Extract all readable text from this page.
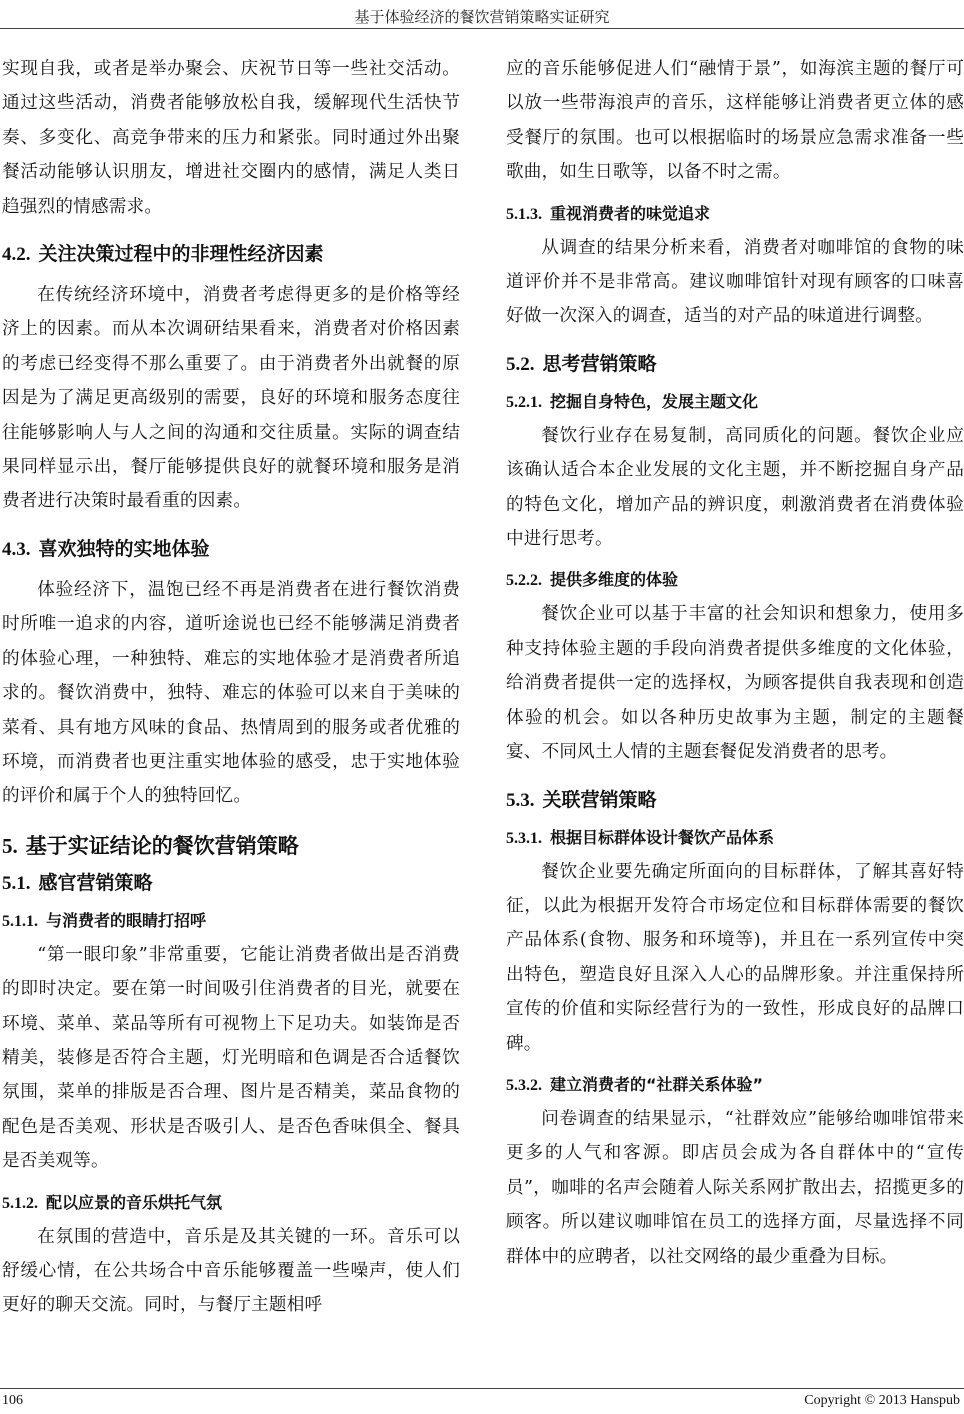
基于体验经济的餐饮营销策略实证研究

实现自我，或者是举办聚会、庆祝节日等一些社交活动。通过这些活动，消费者能够放松自我，缓解现代生活快节奏、多变化、高竞争带来的压力和紧张。同时通过外出聚餐活动能够认识朋友，增进社交圈内的感情，满足人类日趋强烈的情感需求。

4.2. 关注决策过程中的非理性经济因素

在传统经济环境中，消费者考虑得更多的是价格等经济上的因素。而从本次调研结果看来，消费者对价格因素的考虑已经变得不那么重要了。由于消费者外出就餐的原因是为了满足更高级别的需要，良好的环境和服务态度往往能够影响人与人之间的沟通和交往质量。实际的调查结果同样显示出，餐厅能够提供良好的就餐环境和服务是消费者进行决策时最看重的因素。

4.3. 喜欢独特的实地体验

体验经济下，温饱已经不再是消费者在进行餐饮消费时所唯一追求的内容，道听途说也已经不能够满足消费者的体验心理，一种独特、难忘的实地体验才是消费者所追求的。餐饮消费中，独特、难忘的体验可以来自于美味的菜肴、具有地方风味的食品、热情周到的服务或者优雅的环境，而消费者也更注重实地体验的感受，忠于实地体验的评价和属于个人的独特回忆。

5. 基于实证结论的餐饮营销策略
5.1. 感官营销策略
5.1.1. 与消费者的眼睛打招呼

“第一眼印象”非常重要，它能让消费者做出是否消费的即时决定。要在第一时间吸引住消费者的目光，就要在环境、菜单、菜品等所有可视物上下足功夫。如装饰是否精美，装修是否符合主题，灯光明暗和色调是否合适餐饮氛围，菜单的排版是否合理、图片是否精美，菜品食物的配色是否美观、形状是否吸引人、是否色香味俱全、餐具是否美观等。

5.1.2. 配以应景的音乐烘托气氛

在氛围的营造中，音乐是及其关键的一环。音乐可以舒缓心情，在公共场合中音乐能够覆盖一些噪声，使人们更好的聊天交流。同时，与餐厅主题相呼

应的音乐能够促进人们“融情于景”，如海滨主题的餐厅可以放一些带海浪声的音乐，这样能够让消费者更立体的感受餐厅的氛围。也可以根据临时的场景应急需求准备一些歌曲，如生日歌等，以备不时之需。

5.1.3. 重视消费者的味觉追求

从调查的结果分析来看，消费者对咖啡馆的食物的味道评价并不是非常高。建议咖啡馆针对现有顾客的口味喜好做一次深入的调查，适当的对产品的味道进行调整。

5.2. 思考营销策略
5.2.1. 挖掘自身特色，发展主题文化

餐饮行业存在易复制，高同质化的问题。餐饮企业应该确认适合本企业发展的文化主题，并不断挖掘自身产品的特色文化，增加产品的辨识度，刺激消费者在消费体验中进行思考。

5.2.2. 提供多维度的体验

餐饮企业可以基于丰富的社会知识和想象力，使用多种支持体验主题的手段向消费者提供多维度的文化体验，给消费者提供一定的选择权，为顾客提供自我表现和创造体验的机会。如以各种历史故事为主题，制定的主题餐宴、不同风土人情的主题套餐促发消费者的思考。

5.3. 关联营销策略
5.3.1. 根据目标群体设计餐饮产品体系

餐饮企业要先确定所面向的目标群体，了解其喜好特征，以此为根据开发符合市场定位和目标群体需要的餐饮产品体系(食物、服务和环境等)，并且在一系列宣传中突出特色，塑造良好且深入人心的品牌形象。并注重保持所宣传的价值和实际经营行为的一致性，形成良好的品牌口碑。

5.3.2. 建立消费者的“社群关系体验”

问卷调查的结果显示，“社群效应”能够给咖啡馆带来更多的人气和客源。即店员会成为各自群体中的“宣传员”，咖啡的名声会随着人际关系网扩散出去，招揽更多的顾客。所以建议咖啡馆在员工的选择方面，尽量选择不同群体中的应聘者，以社交网络的最少重叠为目标。

106	Copyright © 2013 Hanspub
